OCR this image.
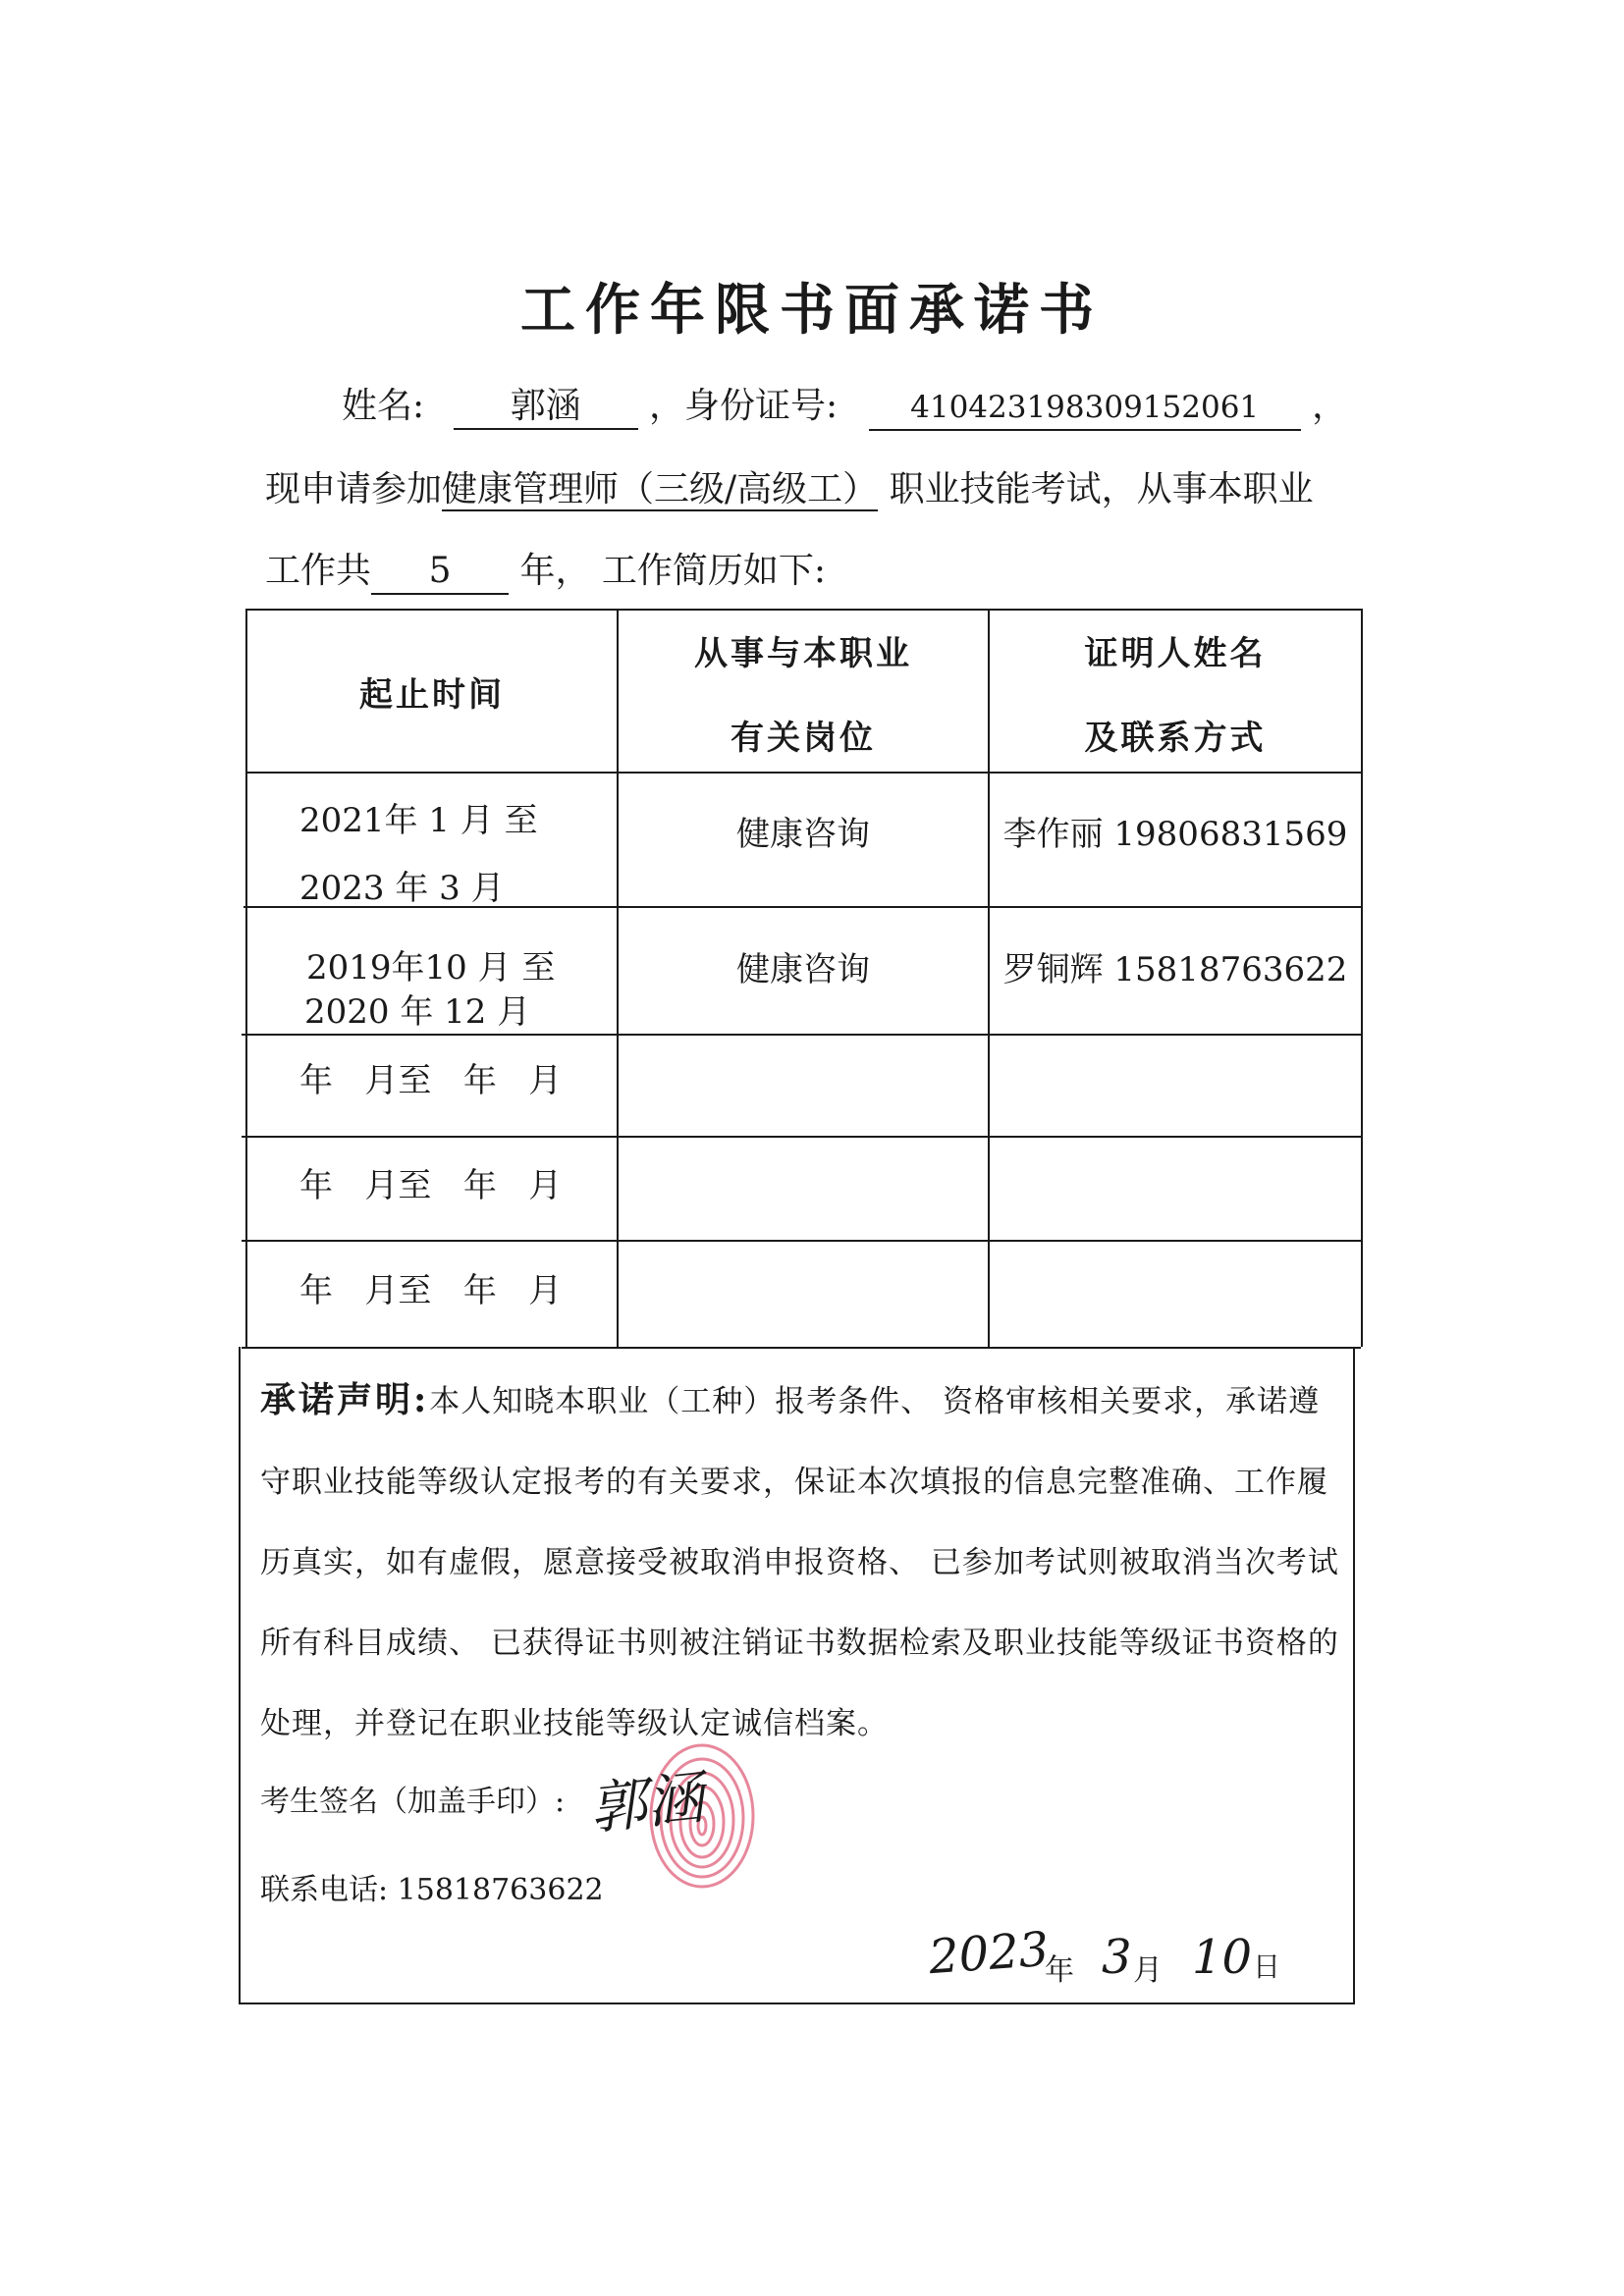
工作年限书面承诺书
姓名: 郭涵 ，身份证号: 410423198309152061 ，
现申请参加健康管理师（三级/高级工） 职业技能考试，从事本职业
工作共 5 年， 工作简历如下:
起止时间
从事与本职业
有关岗位
证明人姓名
及联系方式
2021年 1 月 至
2023 年 3 月
健康咨询	李作丽 19806831569
2019年10 月 至
2020 年 12 月
健康咨询	罗铜辉 15818763622
年   月至   年   月
年   月至   年   月
年   月至   年   月
承诺声明:本人知晓本职业（工种）报考条件、 资格审核相关要求，承诺遵守职业技能等级认定报考的有关要求，保证本次填报的信息完整准确、工作履历真实，如有虚假，愿意接受被取消申报资格、 已参加考试则被取消当次考试所有科目成绩、 已获得证书则被注销证书数据检索及职业技能等级证书资格的处理，并登记在职业技能等级认定诚信档案。
考生签名（加盖手印）: 郭涵
联系电话: 15818763622
2023
年 3 月 10 日
